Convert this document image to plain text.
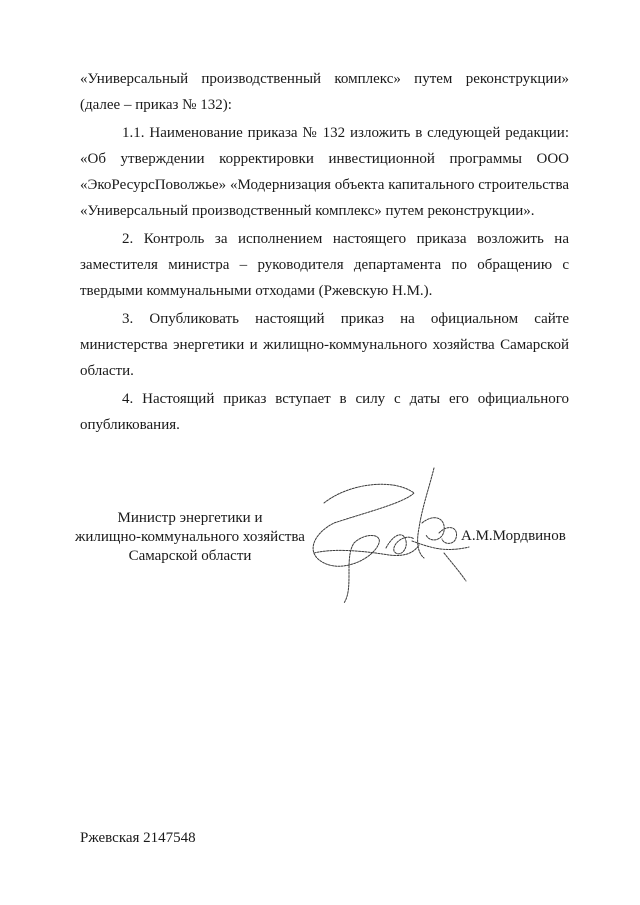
«Универсальный производственный комплекс» путем реконструкции» (далее – приказ № 132):

1.1. Наименование приказа № 132 изложить в следующей редакции: «Об утверждении корректировки инвестиционной программы ООО «ЭкоРесурсПоволжье» «Модернизация объекта капитального строительства «Универсальный производственный комплекс» путем реконструкции».

2. Контроль за исполнением настоящего приказа возложить на заместителя министра – руководителя департамента по обращению с твердыми коммунальными отходами (Ржевскую Н.М.).

3. Опубликовать настоящий приказ на официальном сайте министерства энергетики и жилищно-коммунального хозяйства Самарской области.

4. Настоящий приказ вступает в силу с даты его официального опубликования.

Министр энергетики и
жилищно-коммунального хозяйства
Самарской области
А.М.Мордвинов
Ржевская 2147548
